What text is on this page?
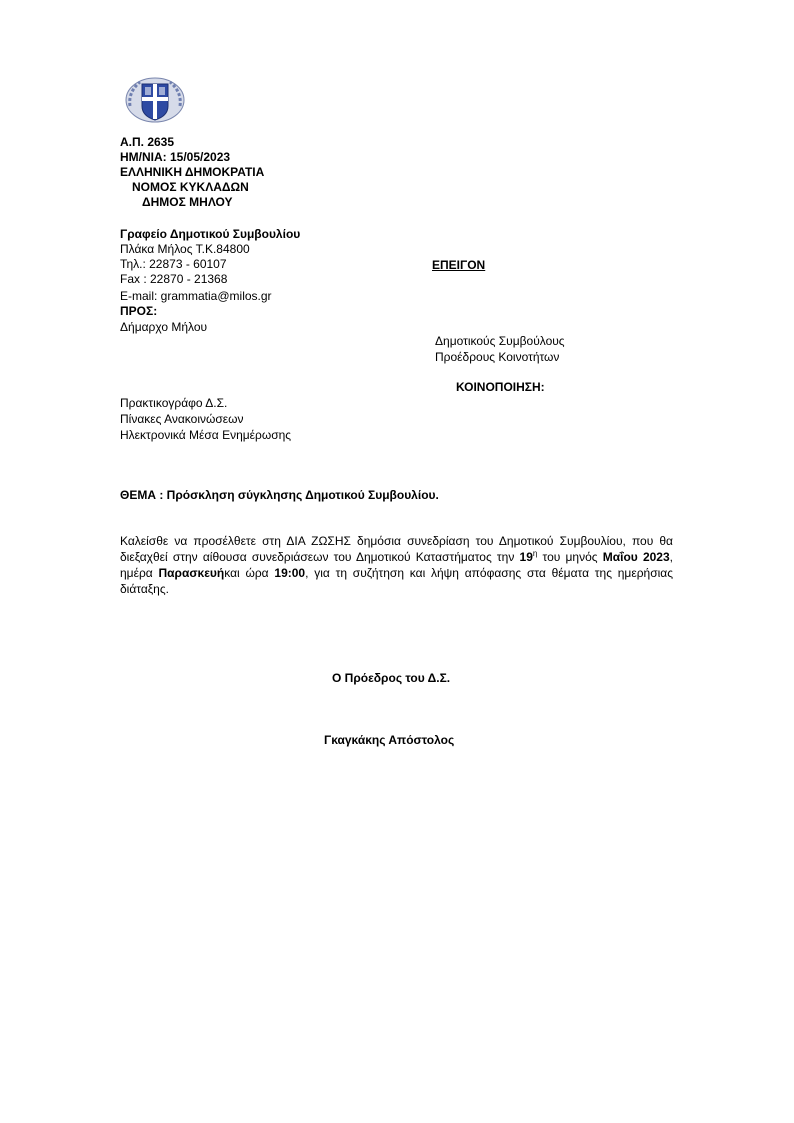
Α.Π. 2635
ΗΜ/ΝΙΑ: 15/05/2023
ΕΛΛΗΝΙΚΗ ΔΗΜΟΚΡΑΤΙΑ
ΝΟΜΟΣ ΚΥΚΛΑΔΩΝ
ΔΗΜΟΣ ΜΗΛΟΥ
Γραφείο Δημοτικού Συμβουλίου
Πλάκα Μήλος Τ.Κ.84800
Τηλ.: 22873 - 60107
Fax : 22870 - 21368
E-mail: grammatia@milos.gr
ΕΠΕΙΓΟΝ
ΠΡΟΣ:
Δήμαρχο Μήλου
Δημοτικούς Συμβούλους
Προέδρους Κοινοτήτων
ΚΟΙΝΟΠΟΙΗΣΗ:
Πρακτικογράφο Δ.Σ.
Πίνακες Ανακοινώσεων
Ηλεκτρονικά Μέσα Ενημέρωσης
ΘΕΜΑ : Πρόσκληση σύγκλησης Δημοτικού Συμβουλίου.
Καλείσθε να προσέλθετε στη ΔΙΑ ΖΩΣΗΣ δημόσια συνεδρίαση του Δημοτικού Συμβουλίου, που θα διεξαχθεί στην αίθουσα συνεδριάσεων του Δημοτικού Καταστήματος την $19^\eta$ του μηνός Μαΐου 2023, ημέρα Παρασκευήκαι ώρα 19:00, για τη συζήτηση και λήψη απόφασης στα θέματα της ημερήσιας διάταξης.
Ο Πρόεδρος του Δ.Σ.
Γκαγκάκης Απόστολος
